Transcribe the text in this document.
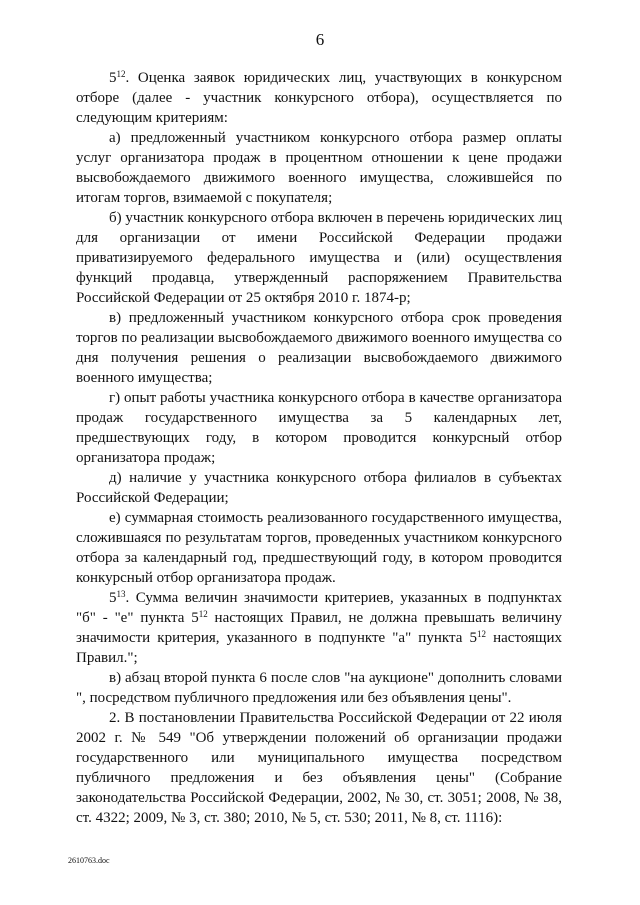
6

$5^{12}$. Оценка заявок юридических лиц, участвующих в конкурсном отборе (далее - участник конкурсного отбора), осуществляется по следующим критериям:

а) предложенный участником конкурсного отбора размер оплаты услуг организатора продаж в процентном отношении к цене продажи высвобождаемого движимого военного имущества, сложившейся по итогам торгов, взимаемой с покупателя;

б) участник конкурсного отбора включен в перечень юридических лиц для организации от имени Российской Федерации продажи приватизируемого федерального имущества и (или) осуществления функций продавца, утвержденный распоряжением Правительства Российской Федерации от 25 октября 2010 г. 1874-р;

в) предложенный участником конкурсного отбора срок проведения торгов по реализации высвобождаемого движимого военного имущества со дня получения решения о реализации высвобождаемого движимого военного имущества;

г) опыт работы участника конкурсного отбора в качестве организатора продаж государственного имущества за 5 календарных лет, предшествующих году, в котором проводится конкурсный отбор организатора продаж;

д) наличие у участника конкурсного отбора филиалов в субъектах Российской Федерации;

е) суммарная стоимость реализованного государственного имущества, сложившаяся по результатам торгов, проведенных участником конкурсного отбора за календарный год, предшествующий году, в котором проводится конкурсный отбор организатора продаж.

$5^{13}$. Сумма величин значимости критериев, указанных в подпунктах "б" - "е" пункта $5^{12}$ настоящих Правил, не должна превышать величину значимости критерия, указанного в подпункте "а" пункта $5^{12}$ настоящих Правил.";

в) абзац второй пункта 6 после слов "на аукционе" дополнить словами ", посредством публичного предложения или без объявления цены".

2. В постановлении Правительства Российской Федерации от 22 июля 2002 г. № 549 "Об утверждении положений об организации продажи государственного или муниципального имущества посредством публичного предложения и без объявления цены" (Собрание законодательства Российской Федерации, 2002, № 30, ст. 3051; 2008, № 38, ст. 4322; 2009, № 3, ст. 380; 2010, № 5, ст. 530; 2011, № 8, ст. 1116):

2610763.doc
